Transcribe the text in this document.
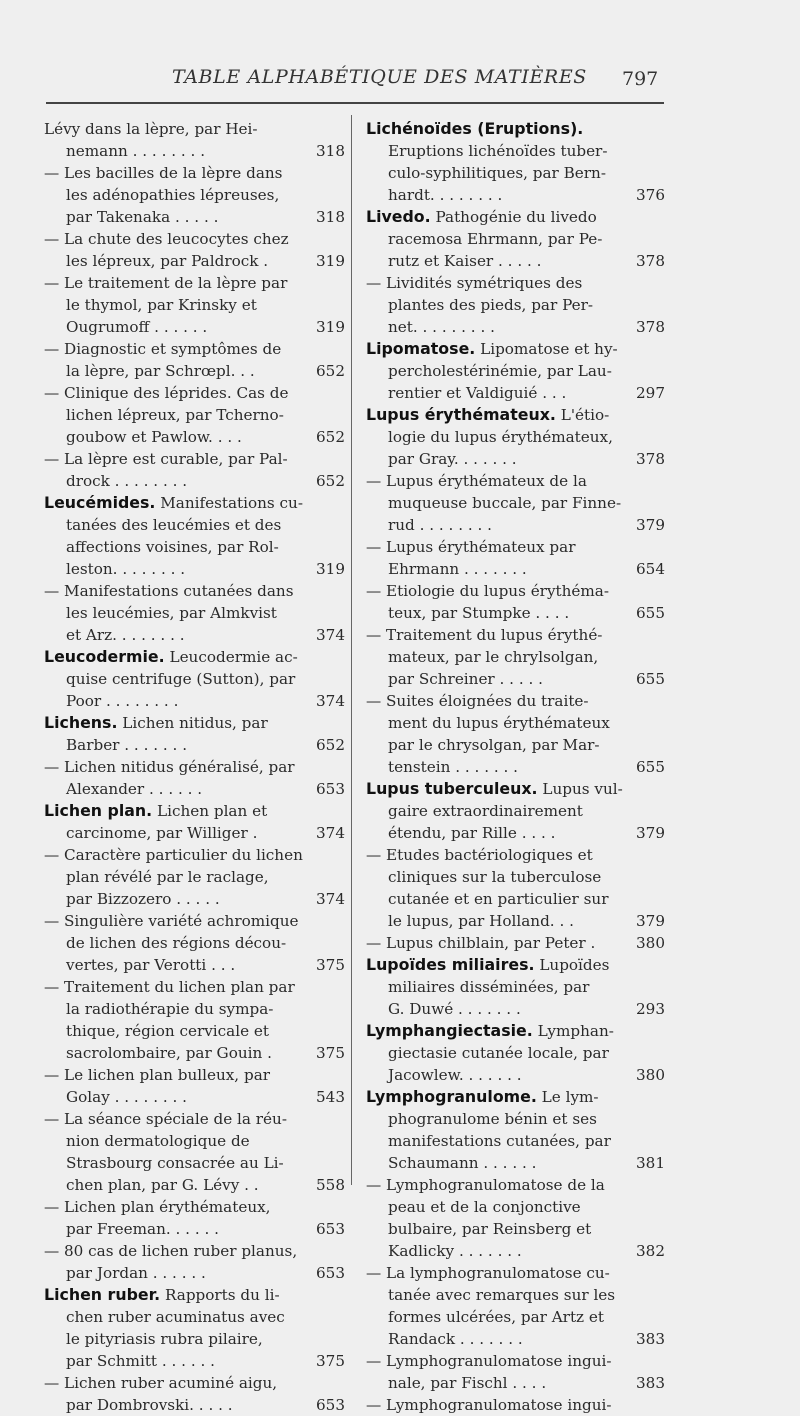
TABLE ALPHABÉTIQUE DES MATIÈRES 797
Lévy dans la lèpre, par Hei-
nemann . . . . . . . .	318
— Les bacilles de la lèpre dans
les adénopathies lépreuses,
par Takenaka . . . . .	318
— La chute des leucocytes chez
les lépreux, par Paldrock .	319
— Le traitement de la lèpre par
le thymol, par Krinsky et
Ougrumoff . . . . . .	319
— Diagnostic et symptômes de
la lèpre, par Schrœpl. . .	652
— Clinique des léprides. Cas de
lichen lépreux, par Tcherno-
goubow et Pawlow. . . .	652
— La lèpre est curable, par Pal-
drock . . . . . . . .	652
Leucémides. Manifestations cu-
tanées des leucémies et des
affections voisines, par Rol-
leston. . . . . . . .	319
— Manifestations cutanées dans
les leucémies, par Almkvist
et Arz. . . . . . . .	374
Leucodermie. Leucodermie ac-
quise centrifuge (Sutton), par
Poor . . . . . . . .	374
Lichens. Lichen nitidus, par
Barber . . . . . . .	652
— Lichen nitidus généralisé, par
Alexander . . . . . .	653
Lichen plan. Lichen plan et
carcinome, par Williger .	374
— Caractère particulier du lichen
plan révélé par le raclage,
par Bizzozero . . . . .	374
— Singulière variété achromique
de lichen des régions décou-
vertes, par Verotti . . .	375
— Traitement du lichen plan par
la radiothérapie du sympa-
thique, région cervicale et
sacrolombaire, par Gouin .	375
— Le lichen plan bulleux, par
Golay . . . . . . . .	543
— La séance spéciale de la réu-
nion dermatologique de
Strasbourg consacrée au Li-
chen plan, par G. Lévy . .	558
— Lichen plan érythémateux,
par Freeman. . . . . .	653
— 80 cas de lichen ruber planus,
par Jordan . . . . . .	653
Lichen ruber. Rapports du li-
chen ruber acuminatus avec
le pityriasis rubra pilaire,
par Schmitt . . . . . .	375
— Lichen ruber acuminé aigu,
par Dombrovski. . . . .	653
Lichénoïdes (Eruptions).
Eruptions lichénoïdes tuber-
culo-syphilitiques, par Bern-
hardt. . . . . . . .	376
Livedo. Pathogénie du livedo
racemosa Ehrmann, par Pe-
rutz et Kaiser . . . . .	378
— Lividités symétriques des
plantes des pieds, par Per-
net. . . . . . . . .	378
Lipomatose. Lipomatose et hy-
percholestérinémie, par Lau-
rentier et Valdiguié . . .	297
Lupus érythémateux. L'étio-
logie du lupus érythémateux,
par Gray. . . . . . .	378
— Lupus érythémateux de la
muqueuse buccale, par Finne-
rud . . . . . . . .	379
— Lupus érythémateux par
Ehrmann . . . . . . .	654
— Etiologie du lupus érythéma-
teux, par Stumpke . . . .	655
— Traitement du lupus érythé-
mateux, par le chrylsolgan,
par Schreiner . . . . .	655
— Suites éloignées du traite-
ment du lupus érythémateux
par le chrysolgan, par Mar-
tenstein . . . . . . .	655
Lupus tuberculeux. Lupus vul-
gaire extraordinairement
étendu, par Rille . . . .	379
— Etudes bactériologiques et
cliniques sur la tuberculose
cutanée et en particulier sur
le lupus, par Holland. . .	379
— Lupus chilblain, par Peter .	380
Lupoïdes miliaires. Lupoïdes
miliaires disséminées, par
G. Duwé . . . . . . .	293
Lymphangiectasie. Lymphan-
giectasie cutanée locale, par
Jacowlew. . . . . . .	380
Lymphogranulome. Le lym-
phogranulome bénin et ses
manifestations cutanées, par
Schaumann . . . . . .	381
— Lymphogranulomatose de la
peau et de la conjonctive
bulbaire, par Reinsberg et
Kadlicky . . . . . . .	382
— La lymphogranulomatose cu-
tanée avec remarques sur les
formes ulcérées, par Artz et
Randack . . . . . . .	383
— Lymphogranulomatose ingui-
nale, par Fischl . . . .	383
— Lymphogranulomatose ingui-
